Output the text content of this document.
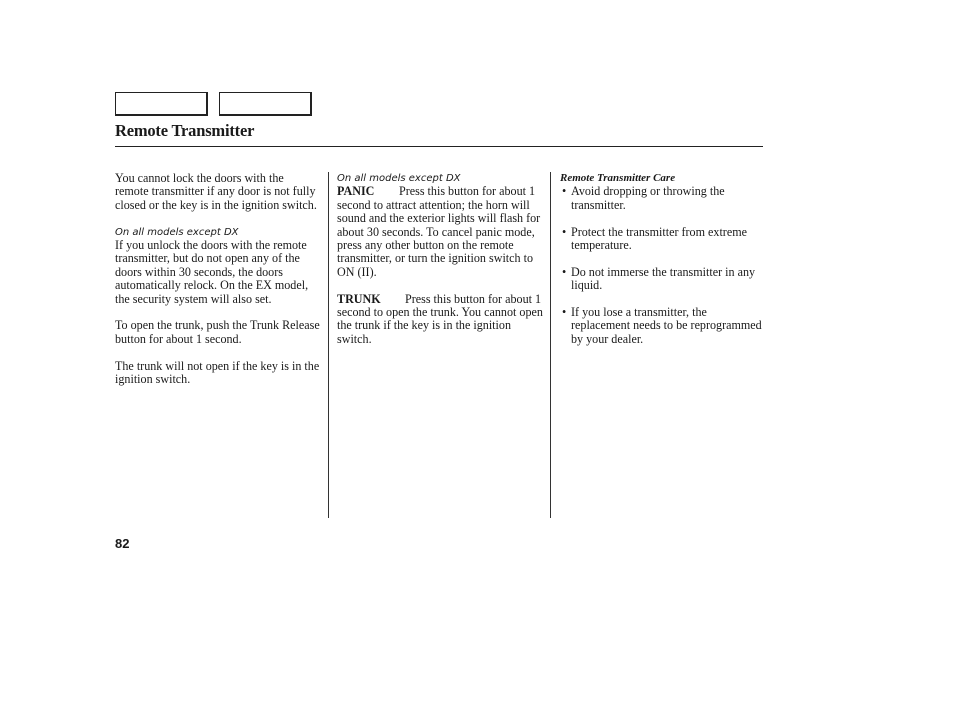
Remote Transmitter

You cannot lock the doors with the remote transmitter if any door is not fully closed or the key is in the ignition switch.

On all models except DX

If you unlock the doors with the remote transmitter, but do not open any of the doors within 30 seconds, the doors automatically relock. On the EX model, the security system will also set.

To open the trunk, push the Trunk Release button for about 1 second.

The trunk will not open if the key is in the ignition switch.

On all models except DX

PANIC Press this button for about 1 second to attract attention; the horn will sound and the exterior lights will flash for about 30 seconds. To cancel panic mode, press any other button on the remote transmitter, or turn the ignition switch to ON (II).

TRUNK Press this button for about 1 second to open the trunk. You cannot open the trunk if the key is in the ignition switch.

Remote Transmitter Care

• Avoid dropping or throwing the transmitter.
• Protect the transmitter from extreme temperature.
• Do not immerse the transmitter in any liquid.
• If you lose a transmitter, the replacement needs to be reprogrammed by your dealer.
82
